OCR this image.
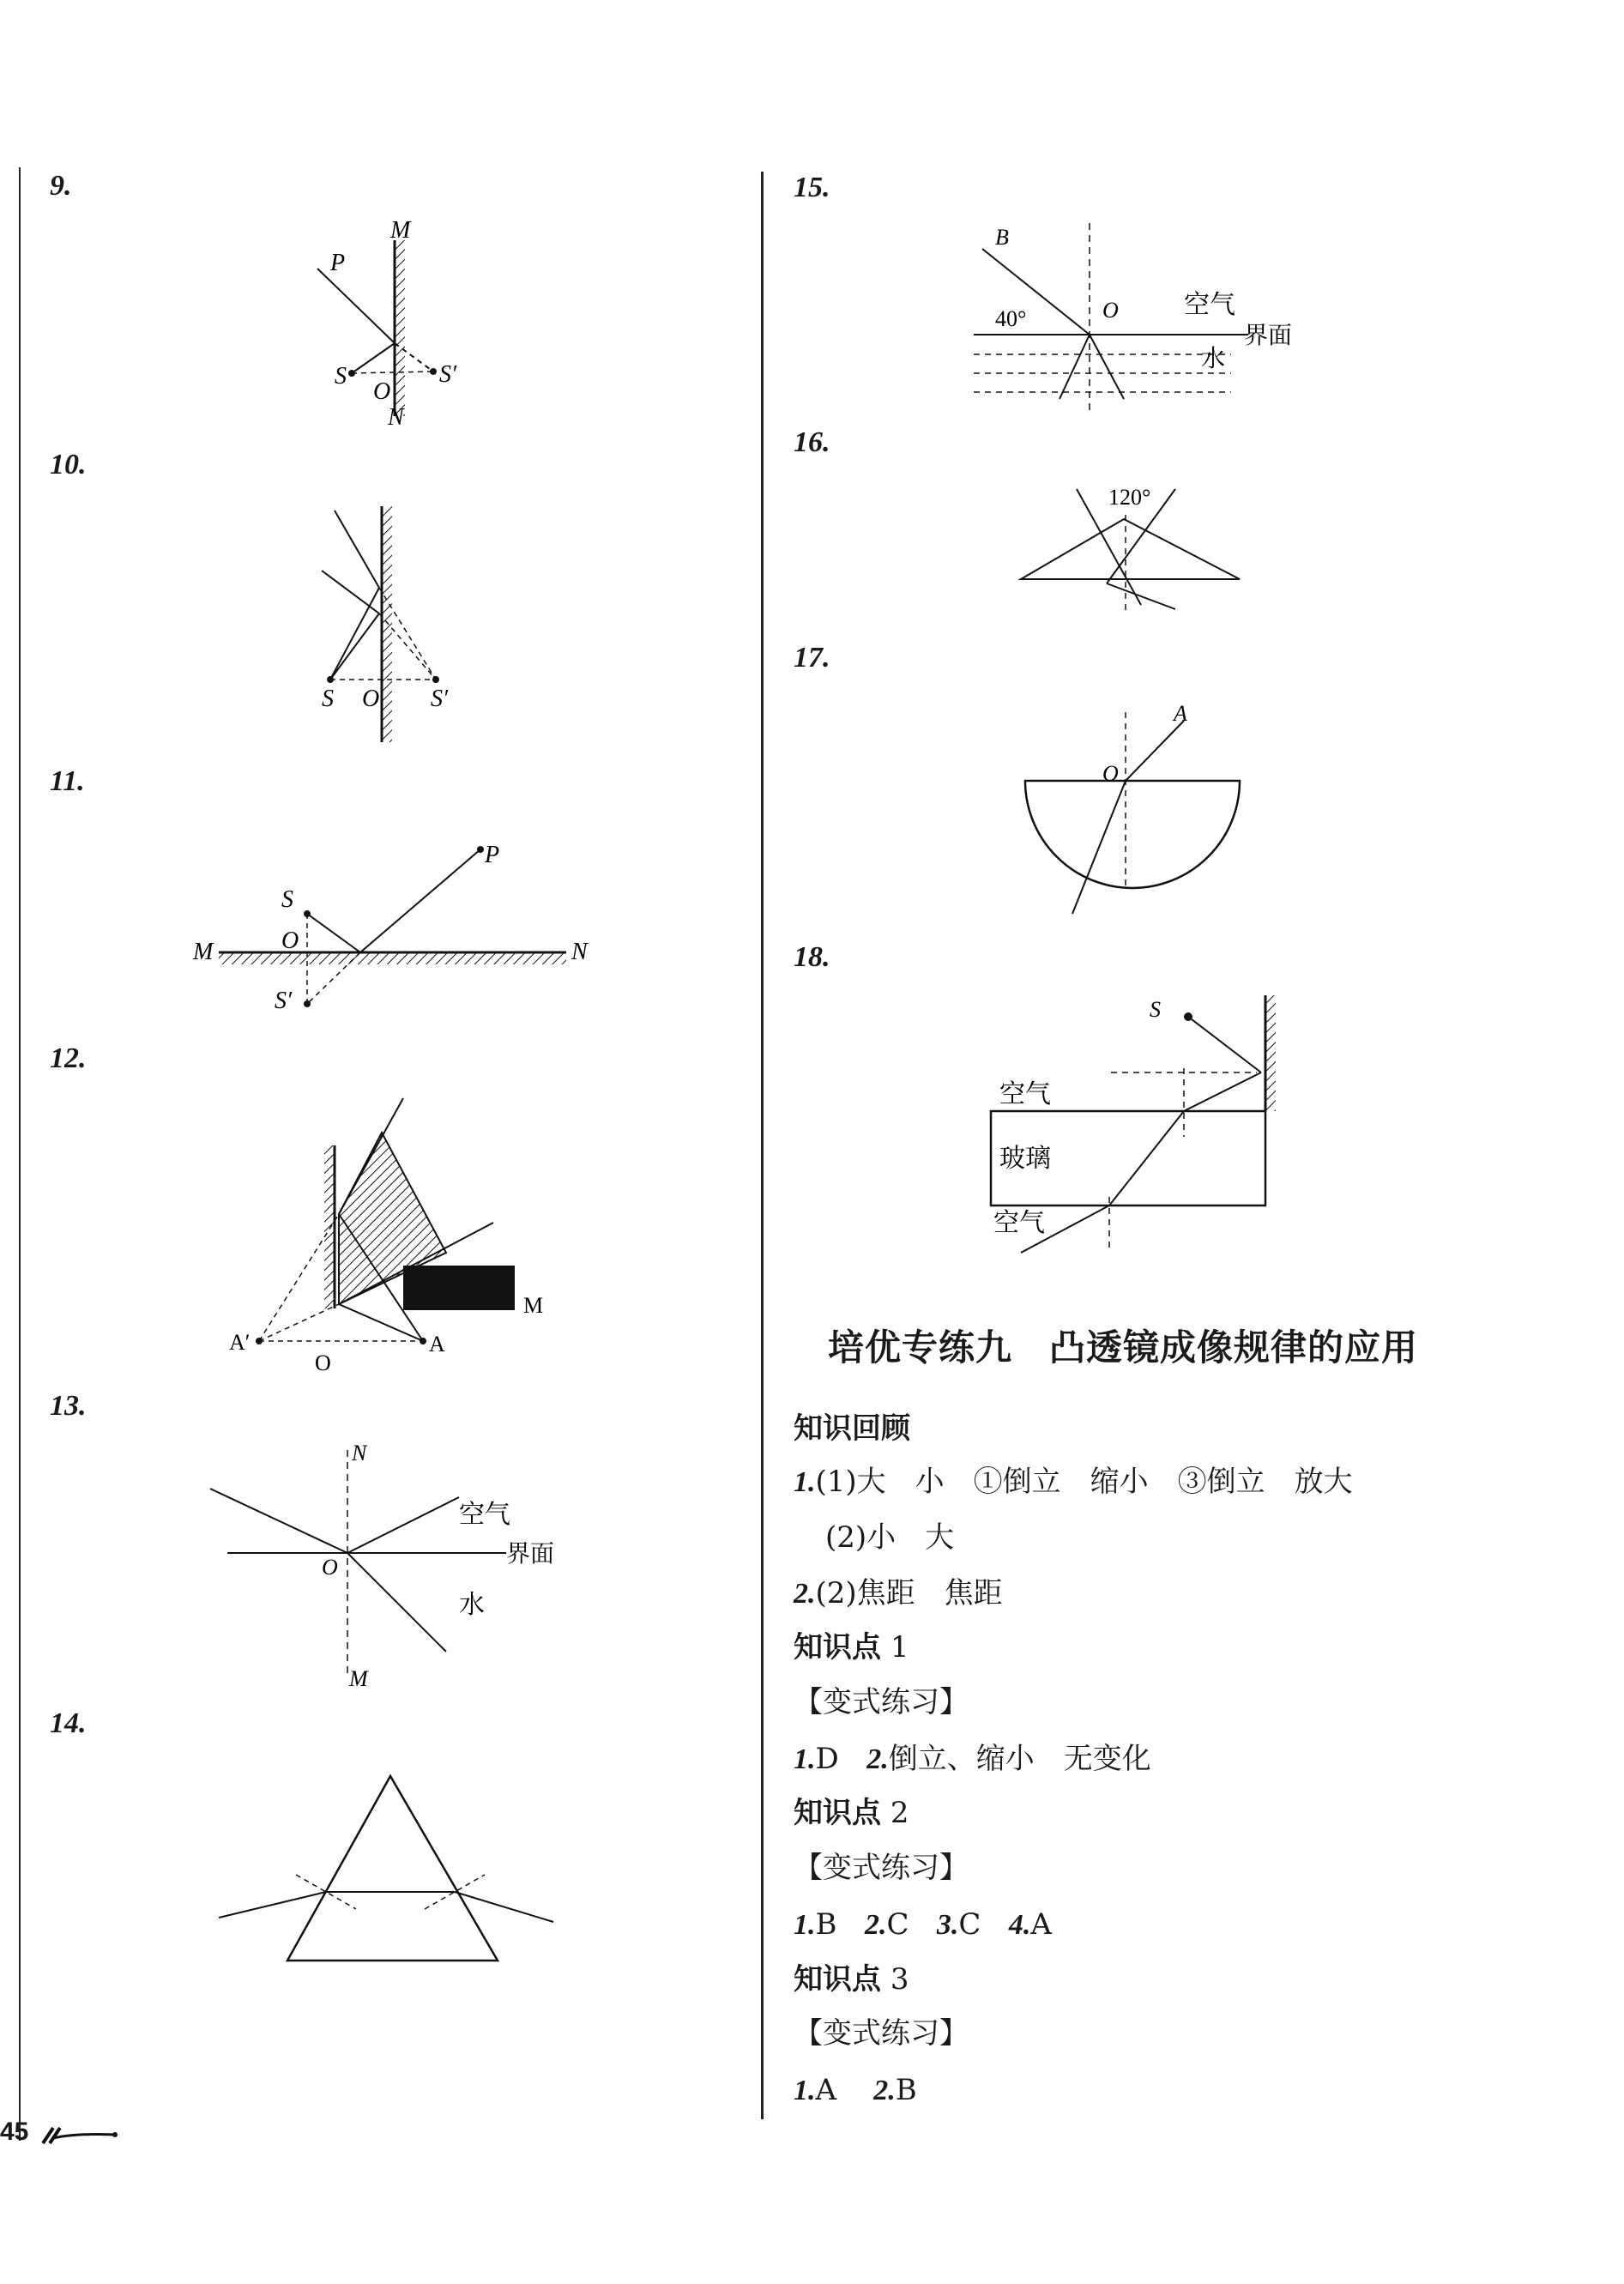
9.
M
P
S
O
S′
N
10.
S O S′
11.
S
O
P
M	N
S′
12.
A′
O
A
M
13.
N
空气
界面
O
水
M
14.
15.
B
40°	O	空气
界面
水
16.
120°
17.
A
O
18.
S
空气
玻璃
空气
培优专练九　凸透镜成像规律的应用
知识回顾
1.(1)大　小　①倒立　缩小　③倒立　放大
(2)小　大
2.(2)焦距　焦距
知识点 1
【变式练习】
1.D 2.倒立、缩小　无变化
知识点 2
【变式练习】
1.B 2.C 3.C 4.A
知识点 3
【变式练习】
1.A 2.B
45
